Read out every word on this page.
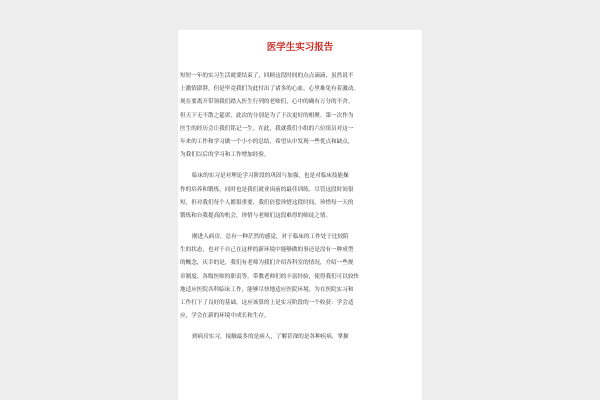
医学生实习报告
短短一年的实习生活就要结束了，回顾这段时间的点点滴滴，虽然说不
上激情澎湃，但是毕竟我们为此付出了诸多的心血，心里难免有着激动。
现在要离开带领我们踏入医生行列的老师们，心中的确有万分的不舍。
但天下无不散之筵席，此次的分别是为了下次更好的相聚。第一次作为
医生的经历会让我们铭记一生。在此，我就我们小组的六位组员对这一
年来的工作和学习做一个小小的总结，希望从中发现一些优点和缺点，
为我们以后的学习和工作增加经验。
临床的实习是对理论学习阶段的巩固与加强，也是对临床技能操
作的培养和锻炼，同时也是我们就业岗前的最佳训练。尽管这段时间很
短，但对我们每个人都很重要，我们倍偿珍惜这段时间，珍惜每一天的
锻炼和自我提高的机会，珍惜与老师们这段难得的师徒之情。
刚进入病房，总有一种茫然的感觉，对于临床的工作处于比较陌
生的状态，也对于自己在这样的新环境中能够做的事还是没有一种成型
的概念，庆幸的是，我们有老师为我们介绍各科室的情况，介绍一些规
章制度、各级医师的职责等，带教老师们的丰富经验，使得我们可以较快
地适应医院各科临床工作，能够尽快地适应医院环境，为在医院实习和
工作打下了良好的基础，这应该算的上是实习阶段的一个收获：学会适
应，学会在新的环境中成长和生存。
到病房实习，接触最多的是病人，了解甚深的是各种疾病，掌握
